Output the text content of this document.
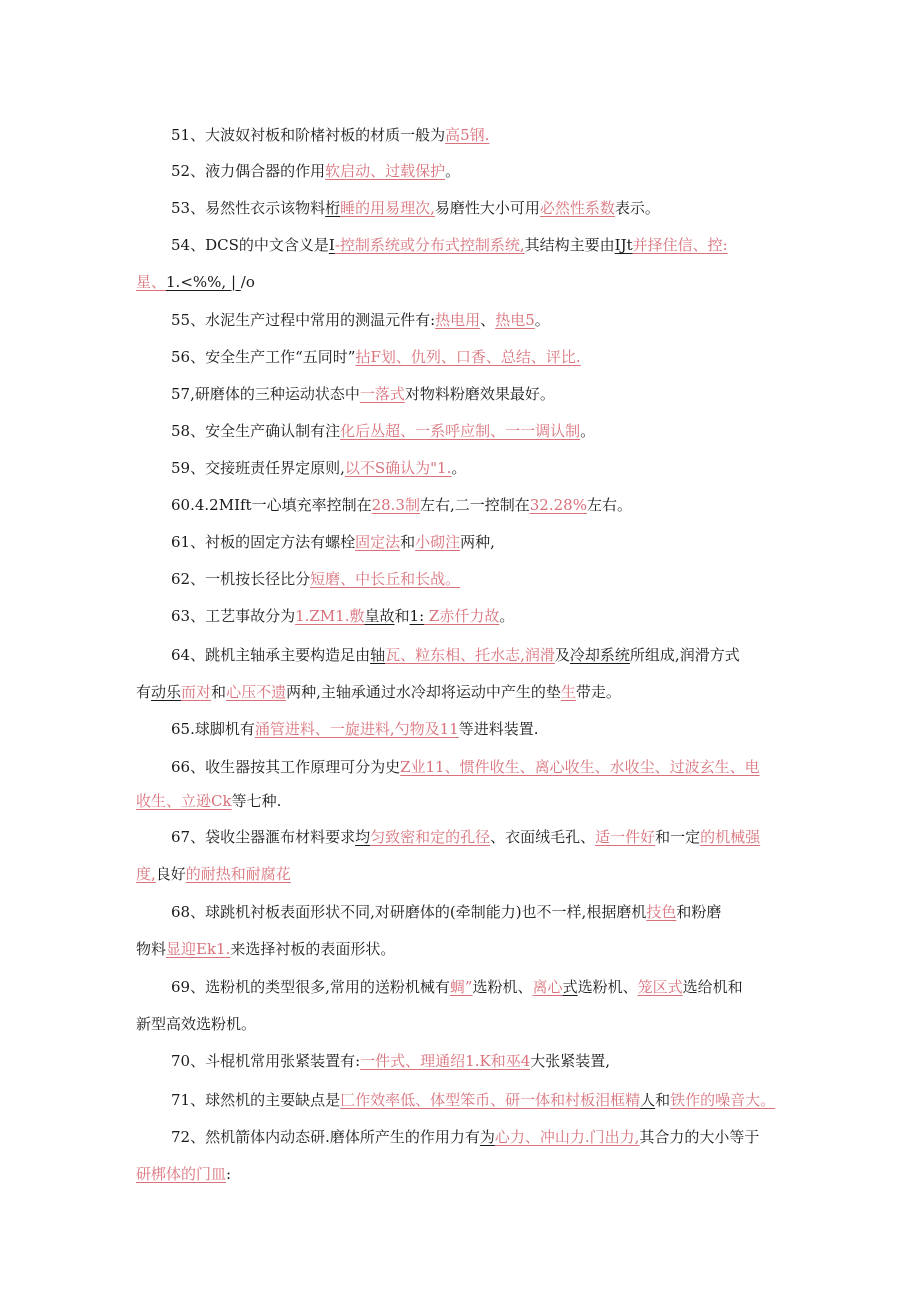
51、大波奴衬板和阶楮衬板的材质一般为高5钢.
52、液力偶合器的作用软启动、过载保护。
53、易然性衣示该物料桁睡的用易理次,易磨性大小可用必然性系数表示。
54、DCS的中文含义是I-控制系统或分布式控制系统,其结构主要由IJt并择住信、控:
星、1.<%%, | /o
55、水泥生产过程中常用的测温元件有:热电用、热电5。
56、安全生产工作“五同时”拈F划、仇列、口香、总结、评比.
57,研磨体的三种运动状态中一落式对物料粉磨效果最好。
58、安全生产确认制有注化后丛超、一系呼应制、一一调认制。
59、交接班责任界定原则,以不S确认为"1.。
60.4.2MIft一心填充率控制在28.3制左右,二一控制在32.28%左右。
61、衬板的固定方法有螺栓固定法和小砌注两种,
62、一机按长径比分短磨、中长丘和长战。
63、工艺事故分为1.ZM1.敷皇故和1: Z赤仟力故。
64、跳机主轴承主要构造足由轴瓦、粒东相、托水志,润滑及冷却系统所组成,润滑方式
有动乐而对和心压不遗两种,主轴承通过水冷却将运动中产生的垫生带走。
65.球脚机有涌管进料、一旋进料,勺物及11等进料装置.
66、收生器按其工作原理可分为史Z业11、惯件收生、离心收生、水收尘、过波玄生、电
收生、立逊Ck等七种.
67、袋收尘器滙布材料要求均匀致密和定的孔径、衣面绒毛孔、适一件好和一定的机械强
度,良好的耐热和耐腐花
68、球跳机衬板表面形状不同,对研磨体的(牵制能力)也不一样,根据磨机技色和粉磨
物料显迎Ek1.来选择衬板的表面形状。
69、选粉机的类型很多,常用的送粉机械有蜩”选粉机、离心式选粉机、笼区式选给机和
新型高效选粉机。
70、斗棍机常用张紧装置有:一件式、理通绍1.K和巫4大张紧装置,
71、球然机的主要缺点是匚作效率低、体型笨币、研一体和村板泪框精人和铁作的噪音大。
72、然机箭体内动态研.磨体所产生的作用力有为心力、冲山力.门出力,其合力的大小等于
研梆体的门皿:
